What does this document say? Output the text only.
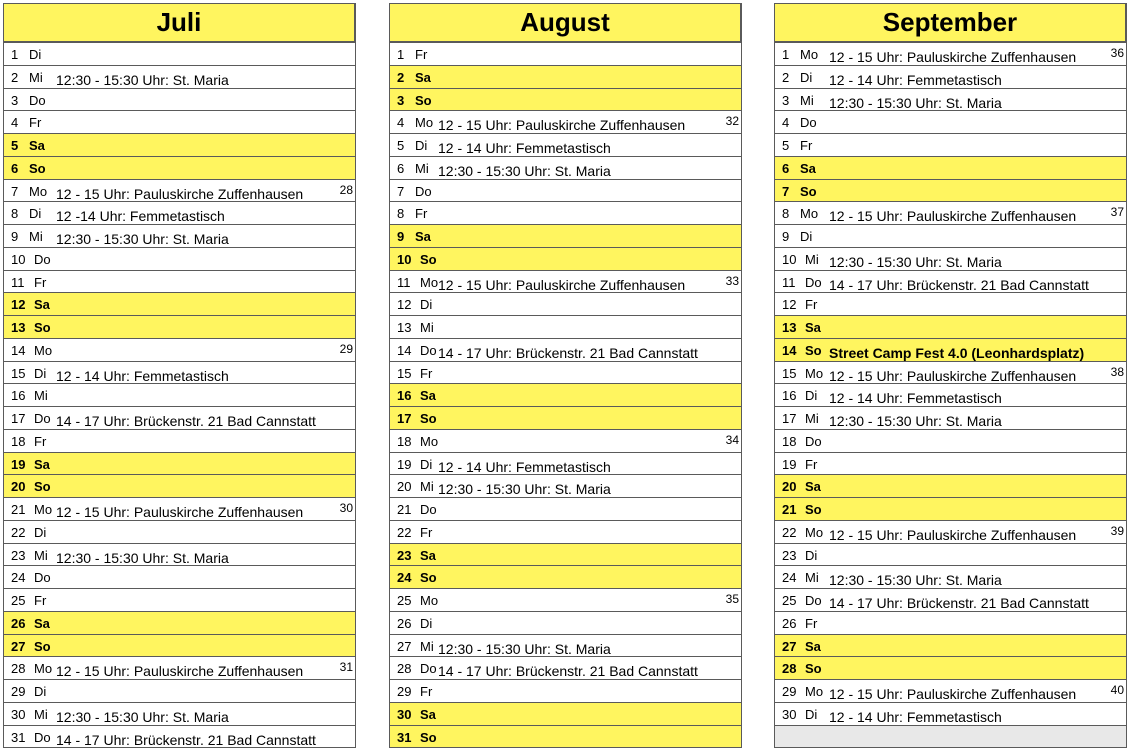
Juli
1 Di
2 Mi 12:30 - 15:30 Uhr: St. Maria
3 Do
4 Fr
5 Sa
6 So
7 Mo 12 - 15 Uhr: Pauluskirche Zuffenhausen	28
8 Di 12 -14 Uhr: Femmetastisch
9 Mi 12:30 - 15:30 Uhr: St. Maria
10 Do
11 Fr
12 Sa
13 So
14 Mo	29
15 Di 12 - 14 Uhr: Femmetastisch
16 Mi
17 Do 14 - 17 Uhr: Brückenstr. 21 Bad Cannstatt
18 Fr
19 Sa
20 So
21 Mo 12 - 15 Uhr: Pauluskirche Zuffenhausen	30
22 Di
23 Mi 12:30 - 15:30 Uhr: St. Maria
24 Do
25 Fr
26 Sa
27 So
28 Mo 12 - 15 Uhr: Pauluskirche Zuffenhausen	31
29 Di
30 Mi 12:30 - 15:30 Uhr: St. Maria
31 Do 14 - 17 Uhr: Brückenstr. 21 Bad Cannstatt
August
1 Fr
2 Sa
3 So
4 Mo 12 - 15 Uhr: Pauluskirche Zuffenhausen	32
5 Di 12 - 14 Uhr: Femmetastisch
6 Mi 12:30 - 15:30 Uhr: St. Maria
7 Do
8 Fr
9 Sa
10 So
11 Mo 12 - 15 Uhr: Pauluskirche Zuffenhausen	33
12 Di
13 Mi
14 Do 14 - 17 Uhr: Brückenstr. 21 Bad Cannstatt
15 Fr
16 Sa
17 So
18 Mo	34
19 Di 12 - 14 Uhr: Femmetastisch
20 Mi 12:30 - 15:30 Uhr: St. Maria
21 Do
22 Fr
23 Sa
24 So
25 Mo	35
26 Di
27 Mi 12:30 - 15:30 Uhr: St. Maria
28 Do 14 - 17 Uhr: Brückenstr. 21 Bad Cannstatt
29 Fr
30 Sa
31 So
September
1 Mo 12 - 15 Uhr: Pauluskirche Zuffenhausen	36
2 Di 12 - 14 Uhr: Femmetastisch
3 Mi 12:30 - 15:30 Uhr: St. Maria
4 Do
5 Fr
6 Sa
7 So
8 Mo 12 - 15 Uhr: Pauluskirche Zuffenhausen	37
9 Di
10 Mi 12:30 - 15:30 Uhr: St. Maria
11 Do 14 - 17 Uhr: Brückenstr. 21 Bad Cannstatt
12 Fr
13 Sa
14 So Street Camp Fest 4.0 (Leonhardsplatz)
15 Mo 12 - 15 Uhr: Pauluskirche Zuffenhausen	38
16 Di 12 - 14 Uhr: Femmetastisch
17 Mi 12:30 - 15:30 Uhr: St. Maria
18 Do
19 Fr
20 Sa
21 So
22 Mo 12 - 15 Uhr: Pauluskirche Zuffenhausen	39
23 Di
24 Mi 12:30 - 15:30 Uhr: St. Maria
25 Do 14 - 17 Uhr: Brückenstr. 21 Bad Cannstatt
26 Fr
27 Sa
28 So
29 Mo 12 - 15 Uhr: Pauluskirche Zuffenhausen	40
30 Di 12 - 14 Uhr: Femmetastisch
